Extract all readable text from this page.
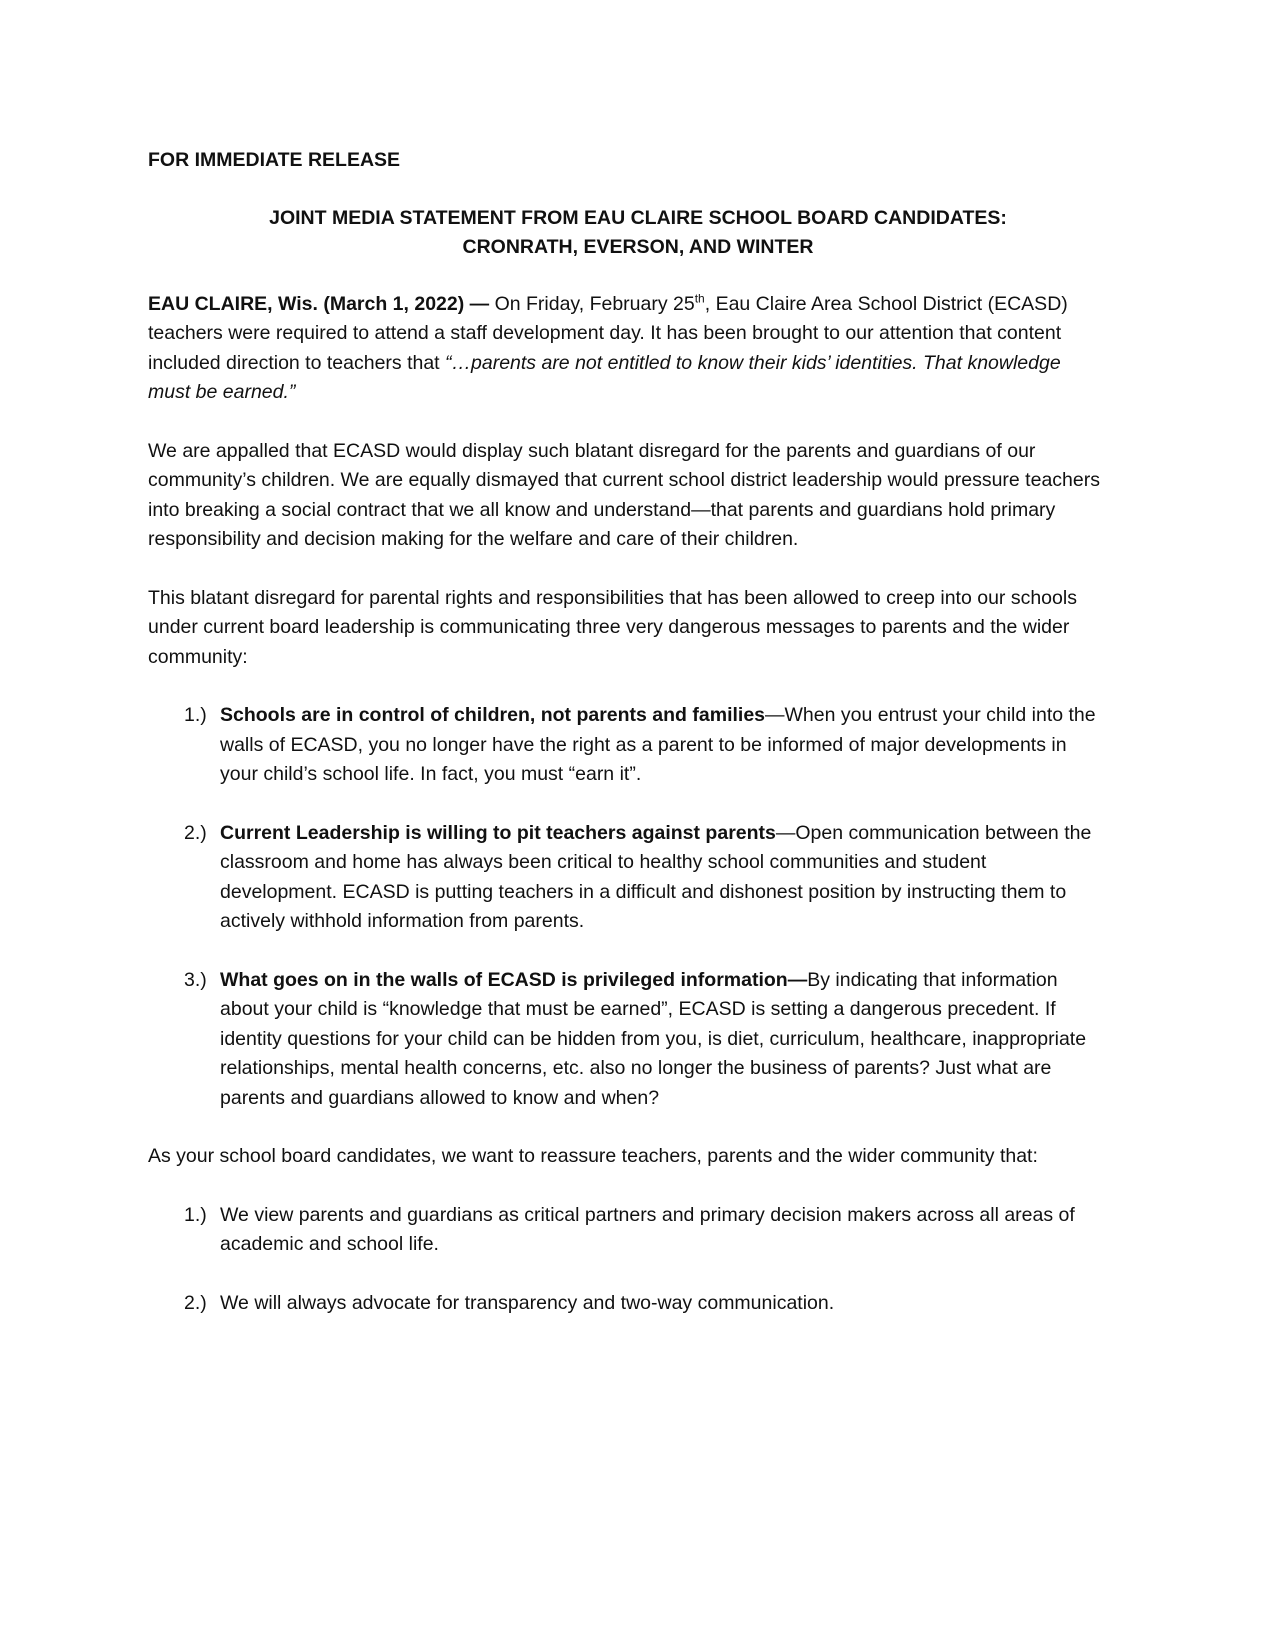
FOR IMMEDIATE RELEASE
JOINT MEDIA STATEMENT FROM EAU CLAIRE SCHOOL BOARD CANDIDATES:
CRONRATH, EVERSON, AND WINTER

EAU CLAIRE, Wis. (March 1, 2022) — On Friday, February 25th, Eau Claire Area School District (ECASD) teachers were required to attend a staff development day. It has been brought to our attention that content included direction to teachers that “…parents are not entitled to know their kids’ identities. That knowledge must be earned.”

We are appalled that ECASD would display such blatant disregard for the parents and guardians of our community’s children. We are equally dismayed that current school district leadership would pressure teachers into breaking a social contract that we all know and understand—that parents and guardians hold primary responsibility and decision making for the welfare and care of their children.

This blatant disregard for parental rights and responsibilities that has been allowed to creep into our schools under current board leadership is communicating three very dangerous messages to parents and the wider community:

1.) Schools are in control of children, not parents and families—When you entrust your child into the walls of ECASD, you no longer have the right as a parent to be informed of major developments in your child’s school life. In fact, you must “earn it”.
2.) Current Leadership is willing to pit teachers against parents—Open communication between the classroom and home has always been critical to healthy school communities and student development. ECASD is putting teachers in a difficult and dishonest position by instructing them to actively withhold information from parents.
3.) What goes on in the walls of ECASD is privileged information—By indicating that information about your child is “knowledge that must be earned”, ECASD is setting a dangerous precedent. If identity questions for your child can be hidden from you, is diet, curriculum, healthcare, inappropriate relationships, mental health concerns, etc. also no longer the business of parents? Just what are parents and guardians allowed to know and when?

As your school board candidates, we want to reassure teachers, parents and the wider community that:

1.) We view parents and guardians as critical partners and primary decision makers across all areas of academic and school life.
2.) We will always advocate for transparency and two-way communication.
